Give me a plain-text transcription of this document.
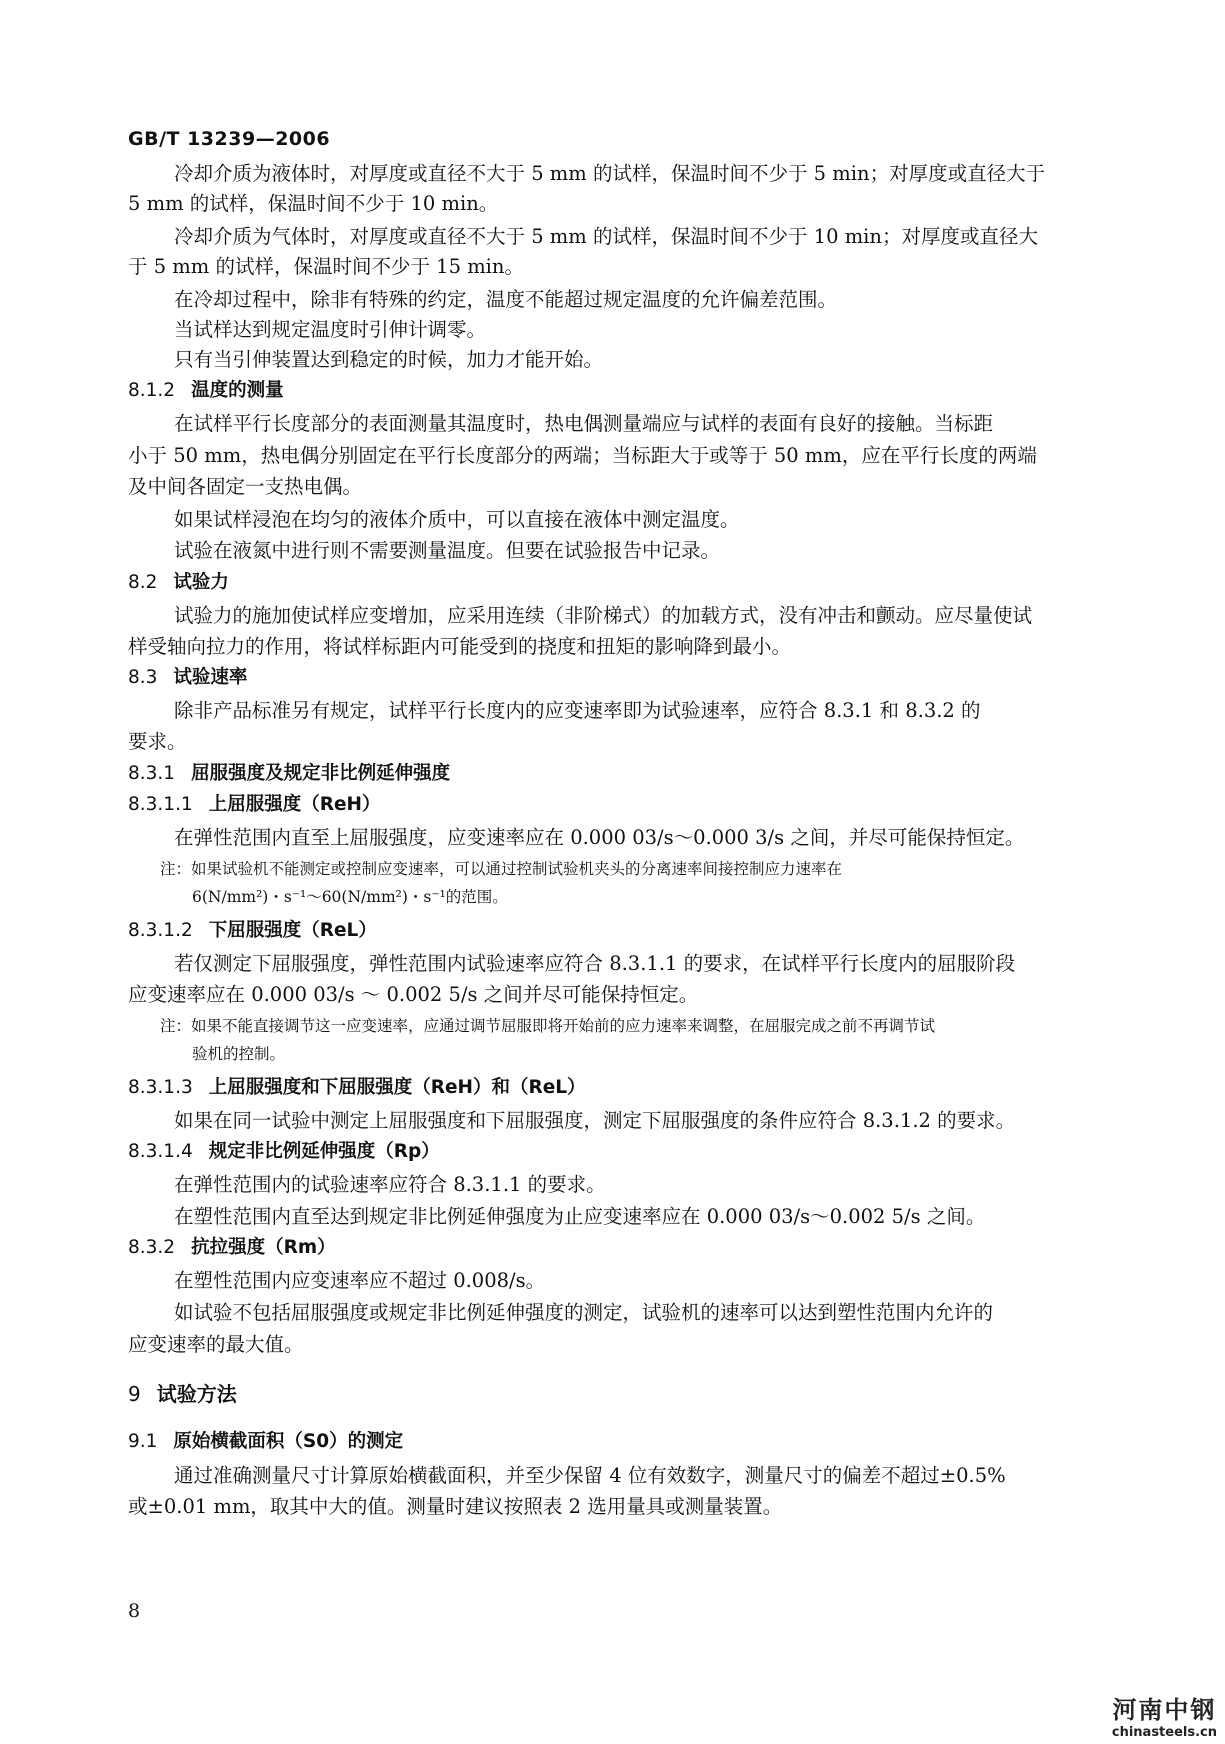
GB/T 13239—2006
冷却介质为液体时，对厚度或直径不大于 5 mm 的试样，保温时间不少于 5 min；对厚度或直径大于
5 mm 的试样，保温时间不少于 10 min。
冷却介质为气体时，对厚度或直径不大于 5 mm 的试样，保温时间不少于 10 min；对厚度或直径大
于 5 mm 的试样，保温时间不少于 15 min。
在冷却过程中，除非有特殊的约定，温度不能超过规定温度的允许偏差范围。
当试样达到规定温度时引伸计调零。
只有当引伸装置达到稳定的时候，加力才能开始。
8.1.2 温度的测量
在试样平行长度部分的表面测量其温度时，热电偶测量端应与试样的表面有良好的接触。当标距
小于 50 mm，热电偶分别固定在平行长度部分的两端；当标距大于或等于 50 mm，应在平行长度的两端
及中间各固定一支热电偶。
如果试样浸泡在均匀的液体介质中，可以直接在液体中测定温度。
试验在液氮中进行则不需要测量温度。但要在试验报告中记录。
8.2 试验力
试验力的施加使试样应变增加，应采用连续（非阶梯式）的加载方式，没有冲击和颤动。应尽量使试
样受轴向拉力的作用，将试样标距内可能受到的挠度和扭矩的影响降到最小。
8.3 试验速率
除非产品标准另有规定，试样平行长度内的应变速率即为试验速率，应符合 8.3.1 和 8.3.2 的
要求。
8.3.1 屈服强度及规定非比例延伸强度
8.3.1.1 上屈服强度（ReH）
在弹性范围内直至上屈服强度，应变速率应在 0.000 03/s～0.000 3/s 之间，并尽可能保持恒定。
注：如果试验机不能测定或控制应变速率，可以通过控制试验机夹头的分离速率间接控制应力速率在
6(N/mm²)・s⁻¹～60(N/mm²)・s⁻¹的范围。
8.3.1.2 下屈服强度（ReL）
若仅测定下屈服强度，弹性范围内试验速率应符合 8.3.1.1 的要求，在试样平行长度内的屈服阶段
应变速率应在 0.000 03/s ～ 0.002 5/s 之间并尽可能保持恒定。
注：如果不能直接调节这一应变速率，应通过调节屈服即将开始前的应力速率来调整，在屈服完成之前不再调节试
验机的控制。
8.3.1.3 上屈服强度和下屈服强度（ReH）和（ReL）
如果在同一试验中测定上屈服强度和下屈服强度，测定下屈服强度的条件应符合 8.3.1.2 的要求。
8.3.1.4 规定非比例延伸强度（Rp）
在弹性范围内的试验速率应符合 8.3.1.1 的要求。
在塑性范围内直至达到规定非比例延伸强度为止应变速率应在 0.000 03/s～0.002 5/s 之间。
8.3.2 抗拉强度（Rm）
在塑性范围内应变速率应不超过 0.008/s。
如试验不包括屈服强度或规定非比例延伸强度的测定，试验机的速率可以达到塑性范围内允许的
应变速率的最大值。
9 试验方法
9.1 原始横截面积（S0）的测定
通过准确测量尺寸计算原始横截面积，并至少保留 4 位有效数字，测量尺寸的偏差不超过±0.5%
或±0.01 mm，取其中大的值。测量时建议按照表 2 选用量具或测量装置。
8
河南中钢
chinasteels.cn
